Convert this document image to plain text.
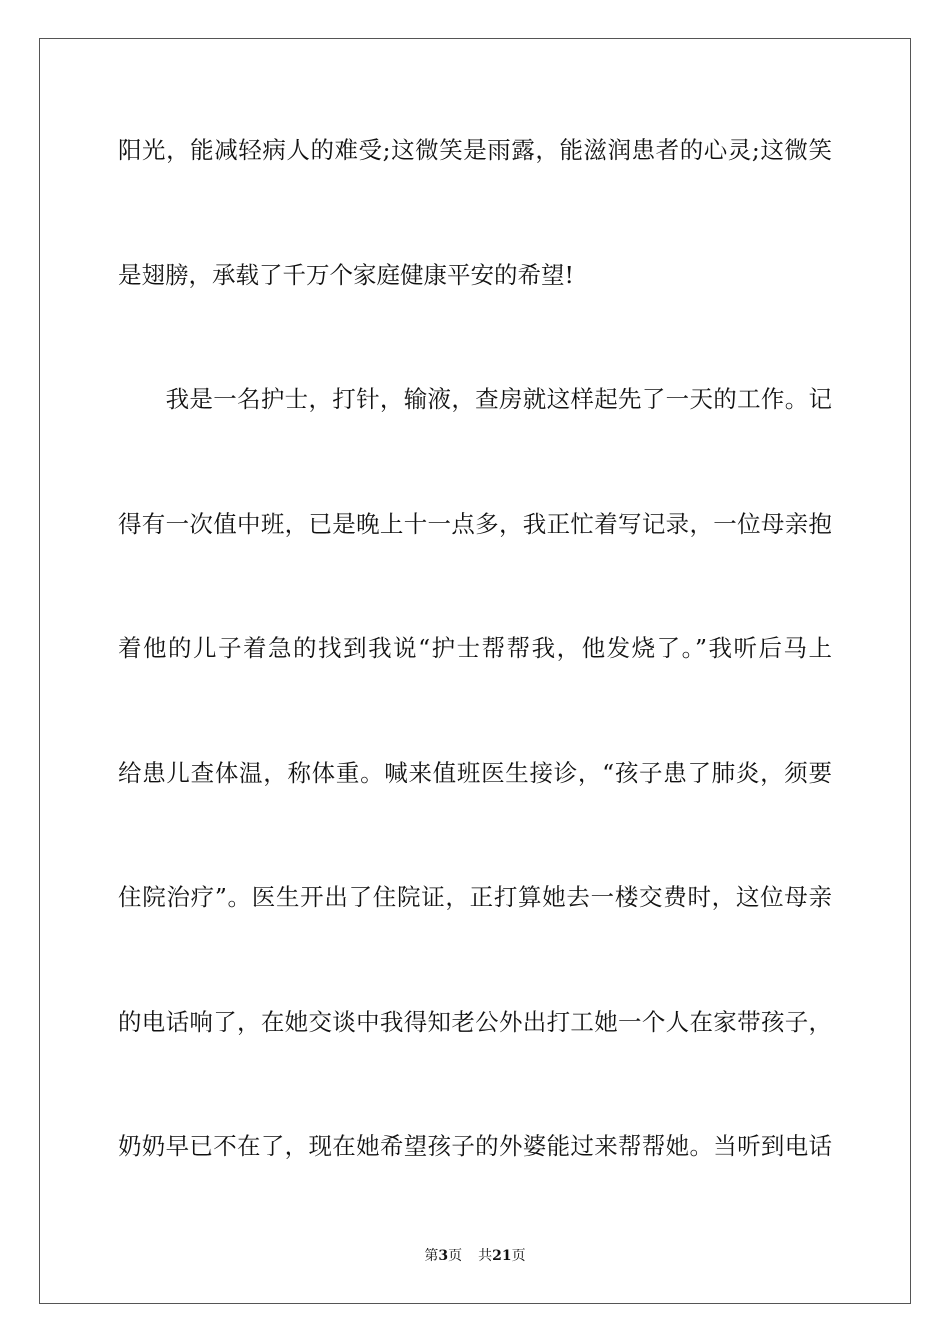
阳光，能减轻病人的难受;这微笑是雨露，能滋润患者的心灵;这微笑
是翅膀，承载了千万个家庭健康平安的希望!
　　我是一名护士，打针，输液，查房就这样起先了一天的工作。记
得有一次值中班，已是晚上十一点多，我正忙着写记录，一位母亲抱
着他的儿子着急的找到我说“护士帮帮我，他发烧了。”我听后马上
给患儿查体温，称体重。喊来值班医生接诊，“孩子患了肺炎，须要
住院治疗”。医生开出了住院证，正打算她去一楼交费时，这位母亲
的电话响了，在她交谈中我得知老公外出打工她一个人在家带孩子，
奶奶早已不在了，现在她希望孩子的外婆能过来帮帮她。当听到电话
第3页 共21页
